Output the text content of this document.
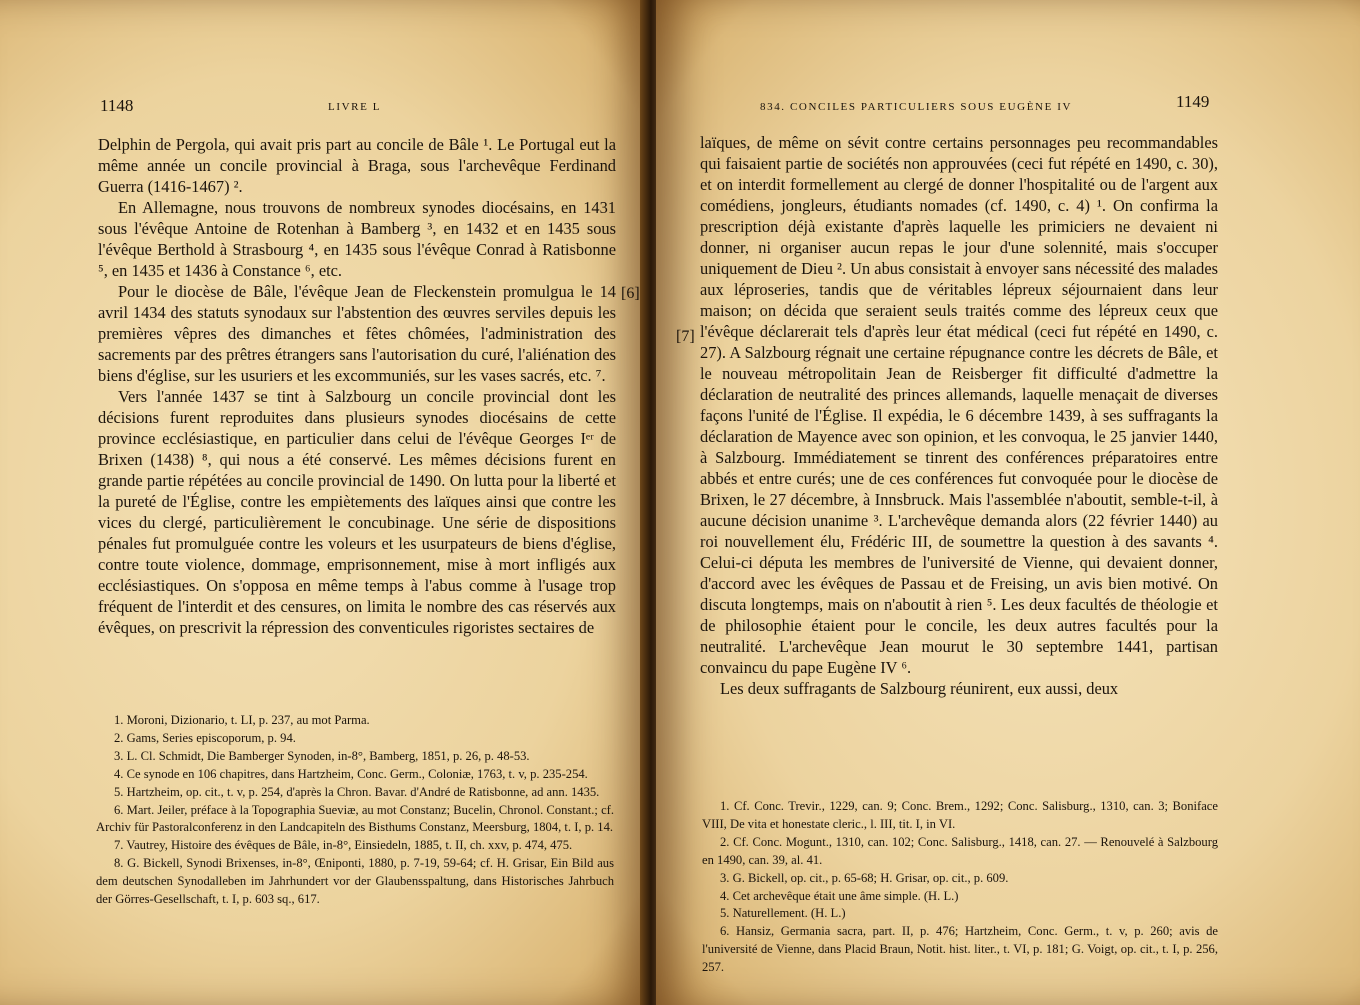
1148	LIVRE L

Delphin de Pergola, qui avait pris part au concile de Bâle ¹. Le Portugal eut la même année un concile provincial à Braga, sous l'archevêque Ferdinand Guerra (1416-1467) ².

En Allemagne, nous trouvons de nombreux synodes diocésains, en 1431 sous l'évêque Antoine de Rotenhan à Bamberg ³, en 1432 et en 1435 sous l'évêque Berthold à Strasbourg ⁴, en 1435 sous l'évêque Conrad à Ratisbonne ⁵, en 1435 et 1436 à Constance ⁶, etc.

Pour le diocèse de Bâle, l'évêque Jean de Fleckenstein promulgua le 14 avril 1434 des statuts synodaux sur l'abstention des œuvres serviles depuis les premières vêpres des dimanches et fêtes chômées, l'administration des sacrements par des prêtres étrangers sans l'autorisation du curé, l'aliénation des biens d'église, sur les usuriers et les excommuniés, sur les vases sacrés, etc. ⁷.

Vers l'année 1437 se tint à Salzbourg un concile provincial dont les décisions furent reproduites dans plusieurs synodes diocésains de cette province ecclésiastique, en particulier dans celui de l'évêque Georges Iᵉʳ de Brixen (1438) ⁸, qui nous a été conservé. Les mêmes décisions furent en grande partie répétées au concile provincial de 1490. On lutta pour la liberté et la pureté de l'Église, contre les empiètements des laïques ainsi que contre les vices du clergé, particulièrement le concubinage. Une série de dispositions pénales fut promulguée contre les voleurs et les usurpateurs de biens d'église, contre toute violence, dommage, emprisonnement, mise à mort infligés aux ecclésiastiques. On s'opposa en même temps à l'abus comme à l'usage trop fréquent de l'interdit et des censures, on limita le nombre des cas réservés aux évêques, on prescrivit la répression des conventicules rigoristes sectaires de

1. Moroni, Dizionario, t. LI, p. 237, au mot Parma.

2. Gams, Series episcoporum, p. 94.

3. L. Cl. Schmidt, Die Bamberger Synoden, in-8°, Bamberg, 1851, p. 26, p. 48-53.

4. Ce synode en 106 chapitres, dans Hartzheim, Conc. Germ., Coloniæ, 1763, t. v, p. 235-254.

5. Hartzheim, op. cit., t. v, p. 254, d'après la Chron. Bavar. d'André de Ratisbonne, ad ann. 1435.

6. Mart. Jeiler, préface à la Topographia Sueviæ, au mot Constanz; Bucelin, Chronol. Constant.; cf. Archiv für Pastoralconferenz in den Landcapiteln des Bisthums Constanz, Meersburg, 1804, t. I, p. 14.

7. Vautrey, Histoire des évêques de Bâle, in-8°, Einsiedeln, 1885, t. II, ch. xxv, p. 474, 475.

8. G. Bickell, Synodi Brixenses, in-8°, Œniponti, 1880, p. 7-19, 59-64; cf. H. Grisar, Ein Bild aus dem deutschen Synodalleben im Jahrhundert vor der Glaubensspaltung, dans Historisches Jahrbuch der Görres-Gesellschaft, t. I, p. 603 sq., 617.

834. CONCILES PARTICULIERS SOUS EUGÈNE IV	1149

laïques, de même on sévit contre certains personnages peu recommandables qui faisaient partie de sociétés non approuvées (ceci fut répété en 1490, c. 30), et on interdit formellement au clergé de donner l'hospitalité ou de l'argent aux comédiens, jongleurs, étudiants nomades (cf. 1490, c. 4) ¹. On confirma la prescription déjà existante d'après laquelle les primiciers ne devaient ni donner, ni organiser aucun repas le jour d'une solennité, mais s'occuper uniquement de Dieu ². Un abus consistait à envoyer sans nécessité des malades aux léproseries, tandis que de véritables lépreux séjournaient dans leur maison; on décida que seraient seuls traités comme des lépreux ceux que l'évêque déclarerait tels d'après leur état médical (ceci fut répété en 1490, c. 27). A Salzbourg régnait une certaine répugnance contre les décrets de Bâle, et le nouveau métropolitain Jean de Reisberger fit difficulté d'admettre la déclaration de neutralité des princes allemands, laquelle menaçait de diverses façons l'unité de l'Église. Il expédia, le 6 décembre 1439, à ses suffragants la déclaration de Mayence avec son opinion, et les convoqua, le 25 janvier 1440, à Salzbourg. Immédiatement se tinrent des conférences préparatoires entre abbés et entre curés; une de ces conférences fut convoquée pour le diocèse de Brixen, le 27 décembre, à Innsbruck. Mais l'assemblée n'aboutit, semble-t-il, à aucune décision unanime ³. L'archevêque demanda alors (22 février 1440) au roi nouvellement élu, Frédéric III, de soumettre la question à des savants ⁴. Celui-ci députa les membres de l'université de Vienne, qui devaient donner, d'accord avec les évêques de Passau et de Freising, un avis bien motivé. On discuta longtemps, mais on n'aboutit à rien ⁵. Les deux facultés de théologie et de philosophie étaient pour le concile, les deux autres facultés pour la neutralité. L'archevêque Jean mourut le 30 septembre 1441, partisan convaincu du pape Eugène IV ⁶.

Les deux suffragants de Salzbourg réunirent, eux aussi, deux

1. Cf. Conc. Trevir., 1229, can. 9; Conc. Brem., 1292; Conc. Salisburg., 1310, can. 3; Boniface VIII, De vita et honestate cleric., l. III, tit. I, in VI.

2. Cf. Conc. Mogunt., 1310, can. 102; Conc. Salisburg., 1418, can. 27. — Renouvelé à Salzbourg en 1490, can. 39, al. 41.

3. G. Bickell, op. cit., p. 65-68; H. Grisar, op. cit., p. 609.

4. Cet archevêque était une âme simple. (H. L.)

5. Naturellement. (H. L.)

6. Hansiz, Germania sacra, part. II, p. 476; Hartzheim, Conc. Germ., t. v, p. 260; avis de l'université de Vienne, dans Placid Braun, Notit. hist. liter., t. VI, p. 181; G. Voigt, op. cit., t. I, p. 256, 257.

[6]
[7]
